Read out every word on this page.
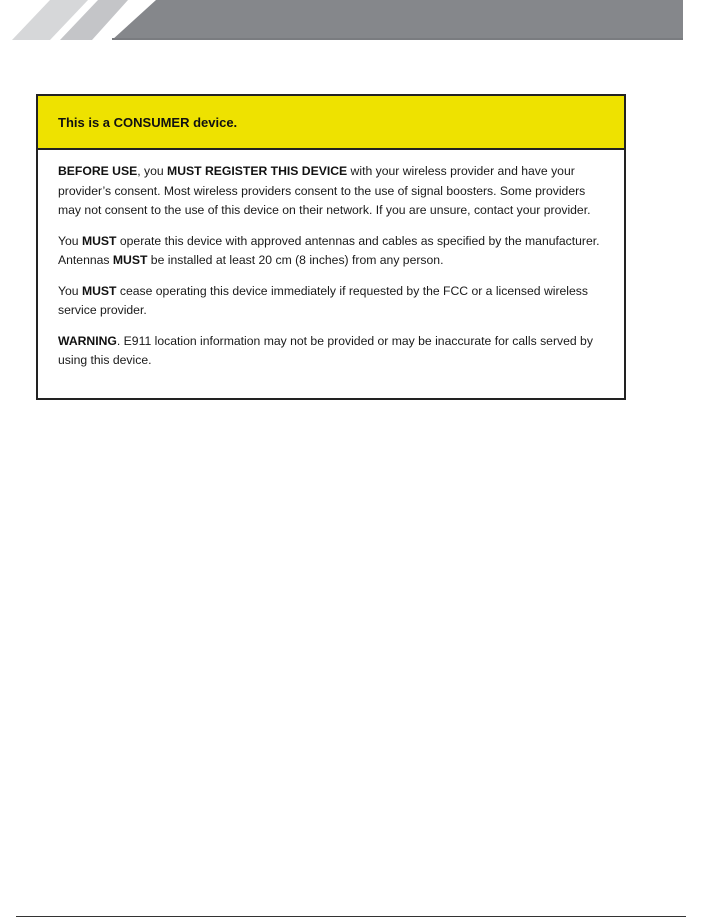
This is a CONSUMER device.

BEFORE USE, you MUST REGISTER THIS DEVICE with your wireless provider and have your provider’s consent. Most wireless providers consent to the use of signal boosters. Some providers may not consent to the use of this device on their network. If you are unsure, contact your provider.

You MUST operate this device with approved antennas and cables as specified by the manufacturer. Antennas MUST be installed at least 20 cm (8 inches) from any person.

You MUST cease operating this device immediately if requested by the FCC or a licensed wireless service provider.

WARNING. E911 location information may not be provided or may be inaccurate for calls served by using this device.
